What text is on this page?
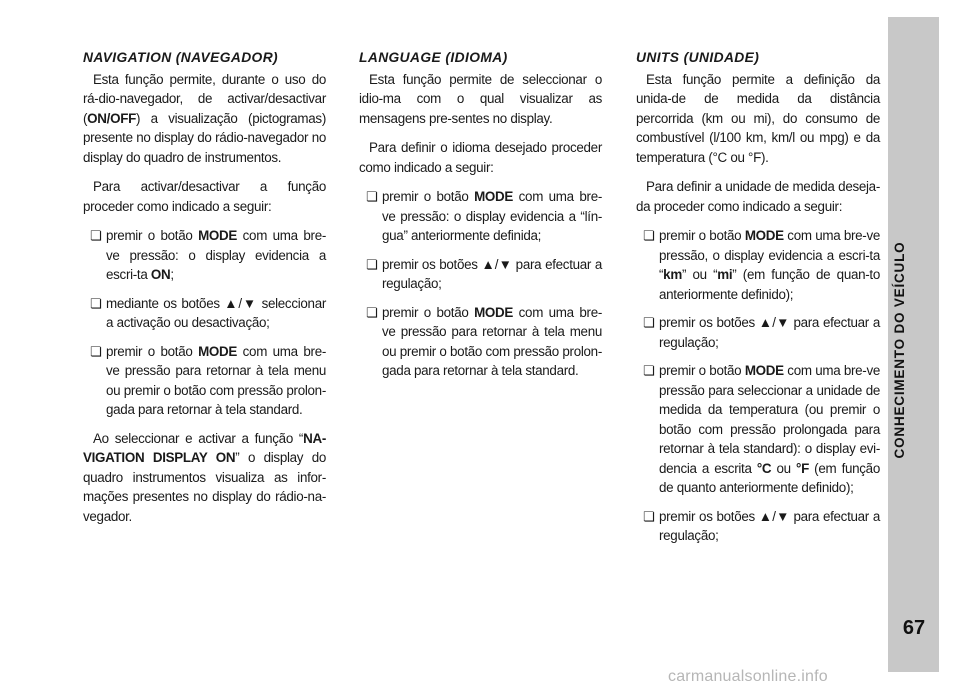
NAVIGATION (NAVEGADOR)

Esta função permite, durante o uso do rá-dio-navegador, de activar/desactivar (ON/OFF) a visualização (pictogramas) presente no display do rádio-navegador no display do quadro de instrumentos.

Para activar/desactivar a função proceder como indicado a seguir:

❏ premir o botão MODE com uma bre-ve pressão: o display evidencia a escri-ta ON;

❏ mediante os botões ▲/▼ seleccionar a activação ou desactivação;

❏ premir o botão MODE com uma bre-ve pressão para retornar à tela menu ou premir o botão com pressão prolon-gada para retornar à tela standard.

Ao seleccionar e activar a função “NA-VIGATION DISPLAY ON” o display do quadro instrumentos visualiza as infor-mações presentes no display do rádio-na-vegador.

LANGUAGE (IDIOMA)

Esta função permite de seleccionar o idio-ma com o qual visualizar as mensagens pre-sentes no display.

Para definir o idioma desejado proceder como indicado a seguir:

❏ premir o botão MODE com uma bre-ve pressão: o display evidencia a “lín-gua” anteriormente definida;

❏ premir os botões ▲/▼ para efectuar a regulação;

❏ premir o botão MODE com uma bre-ve pressão para retornar à tela menu ou premir o botão com pressão prolon-gada para retornar à tela standard.

UNITS (UNIDADE)

Esta função permite a definição da unida-de de medida da distância percorrida (km ou mi), do consumo de combustível (l/100 km, km/l ou mpg) e da temperatura (°C ou °F).

Para definir a unidade de medida deseja-da proceder como indicado a seguir:

❏ premir o botão MODE com uma bre-ve pressão, o display evidencia a escri-ta “km” ou “mi” (em função de quan-to anteriormente definido);

❏ premir os botões ▲/▼ para efectuar a regulação;

❏ premir o botão MODE com uma bre-ve pressão para seleccionar a unidade de medida da temperatura (ou premir o botão com pressão prolongada para retornar à tela standard): o display evi-dencia a escrita °C ou °F (em função de quanto anteriormente definido);

❏ premir os botões ▲/▼ para efectuar a regulação;

CONHECIMENTO DO VEÍCULO
67
carmanualsonline.info
